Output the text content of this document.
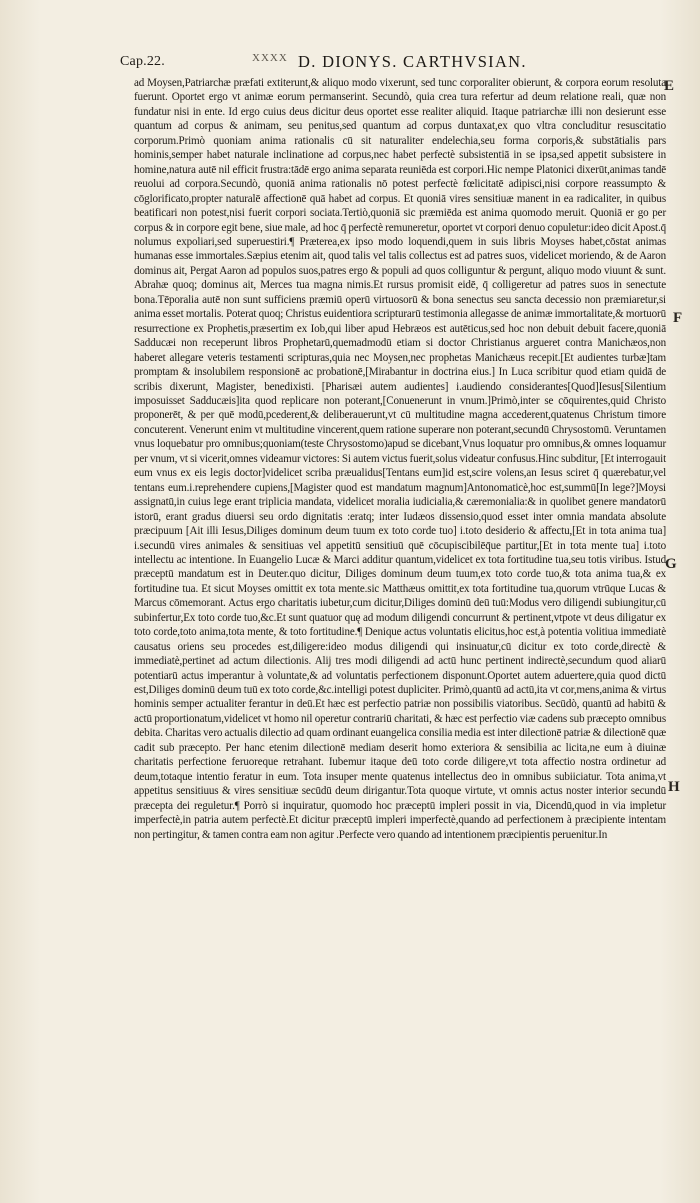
Cap.22.	XXXX D. DIONYS. CARTHVSIAN.
E
F
G
H

ad Moysen,Patriarchæ præfati extiterunt,& aliquo modo vixerunt, sed tunc corporaliter obierunt, & corpora eorum resoluta fuerunt. Oportet ergo vt animæ eorum permanserint. Secundò, quia crea tura refertur ad deum relatione reali, quæ non fundatur nisi in ente. Id ergo cuius deus dicitur deus oportet esse realiter aliquid. Itaque patriarchæ illi non desierunt esse quantum ad corpus & animam, seu penitus,sed quantum ad corpus duntaxat,ex quo vltra concluditur resuscitatio corporum.Primò quoniam anima rationalis cū sit naturaliter endelechia,seu forma corporis,& substātialis pars hominis,semper habet naturale inclinatione ad corpus,nec habet perfectè subsistentiā in se ipsa,sed appetit subsistere in homine,natura autē nil efficit frustra:tādē ergo anima separata reuniēda est corpori.Hic nempe Platonici dixerūt,animas tandē reuolui ad corpora.Secundò, quoniā anima rationalis nō potest perfectè fœlicitatē adipisci,nisi corpore reassumpto & cōglorificato,propter naturalē affectionē quā habet ad corpus. Et quoniā vires sensitiuæ manent in ea radicaliter, in quibus beatificari non potest,nisi fuerit corpori sociata.Tertiò,quoniā sic præmiēda est anima quomodo meruit. Quoniā er go per corpus & in corpore egit bene, siue male, ad hoc q̄ perfectè remuneretur, oportet vt corpori denuo copuletur:ideo dicit Apost.q̄ nolumus expoliari,sed superuestiri.¶ Præterea,ex ipso modo loquendi,quem in suis libris Moyses habet,cōstat animas humanas esse immortales.Sæpius etenim ait, quod talis vel talis collectus est ad patres suos, videlicet moriendo, & de Aaron dominus ait, Pergat Aaron ad populos suos,patres ergo & populi ad quos colliguntur & pergunt, aliquo modo viuunt & sunt. Abrahæ quoq; dominus ait, Merces tua magna nimis.Et rursus promisit eidē, q̄ colligeretur ad patres suos in senectute bona.Tēporalia autē non sunt sufficiens præmiū operū virtuosorū & bona senectus seu sancta decessio non præmiaretur,si anima esset mortalis. Poterat quoq; Christus euidentiora scripturarū testimonia allegasse de animæ immortalitate,& mortuorū resurrectione ex Prophetis,præsertim ex Iob,qui liber apud Hebræos est autēticus,sed hoc non debuit debuit facere,quoniā Sadducæi non receperunt libros Prophetarū,quemadmodū etiam si doctor Christianus argueret contra Manichæos,non haberet allegare veteris testamenti scripturas,quia nec Moysen,nec prophetas Manichæus recepit.[Et audientes turbæ]tam promptam & insolubilem responsionē ac probationē,[Mirabantur in doctrina eius.] In Luca scribitur quod etiam quidā de scribis dixerunt, Magister, benedixisti. [Pharisæi autem audientes] i.audiendo considerantes[Quod]Iesus[Silentium imposuisset Sadducæis]ita quod replicare non poterant,[Conuenerunt in vnum.]Primò,inter se cōquirentes,quid Christo proponerēt, & per quē modū,pcederent,& deliberauerunt,vt cū multitudine magna accederent,quatenus Christum timore concuterent. Venerunt enim vt multitudine vincerent,quem ratione superare non poterant,secundū Chrysostomū. Veruntamen vnus loquebatur pro omnibus;quoniam(teste Chrysostomo)apud se dicebant,Vnus loquatur pro omnibus,& omnes loquamur per vnum, vt si vicerit,omnes videamur victores: Si autem victus fuerit,solus videatur confusus.Hinc subditur, [Et interrogauit eum vnus ex eis legis doctor]videlicet scriba præualidus[Tentans eum]id est,scire volens,an Iesus sciret q̄ quærebatur,vel tentans eum.i.reprehendere cupiens,[Magister quod est mandatum magnum]Antonomaticè,hoc est,summū[In lege?]Moysi assignatū,in cuius lege erant triplicia mandata, videlicet moralia iudicialia,& cæremonialia:& in quolibet genere mandatorū istorū, erant gradus diuersi seu ordo dignitatis :eratq; inter Iudæos dissensio,quod esset inter omnia mandata absolute præcipuum [Ait illi Iesus,Diliges dominum deum tuum ex toto corde tuo] i.toto desiderio & affectu,[Et in tota anima tua] i.secundū vires animales & sensitiuas vel appetitū sensitiuū quē cōcupiscibilēq̄ue partitur,[Et in tota mente tua] i.toto intellectu ac intentione. In Euangelio Lucæ & Marci additur quantum,videlicet ex tota fortitudine tua,seu totis viribus. Istud præceptū mandatum est in Deuter.quo dicitur, Diliges dominum deum tuum,ex toto corde tuo,& tota anima tua,& ex fortitudine tua. Et sicut Moyses omittit ex tota mente.sic Matthæus omittit,ex tota fortitudine tua,quorum vtrūque Lucas & Marcus cōmemorant. Actus ergo charitatis iubetur,cum dicitur,Diliges dominū deū tuū:Modus vero diligendi subiungitur,cū subinfertur,Ex toto corde tuo,&c.Et sunt quatuor quę ad modum diligendi concurrunt & pertinent,vtpote vt deus diligatur ex toto corde,toto anima,tota mente, & toto fortitudine.¶ Denique actus voluntatis elicitus,hoc est,à potentia volitiua immediatè causatus oriens seu procedes est,diligere:ideo modus diligendi qui insinuatur,cū dicitur ex toto corde,directè & immediatè,pertinet ad actum dilectionis. Alij tres modi diligendi ad actū hunc pertinent indirectè,secundum quod aliarū potentiarū actus imperantur à voluntate,& ad voluntatis perfectionem disponunt.Oportet autem aduertere,quia quod dictū est,Diliges dominū deum tuū ex toto corde,&c.intelligi potest dupliciter. Primò,quantū ad actū,ita vt cor,mens,anima & virtus hominis semper actualiter ferantur in deū.Et hæc est perfectio patriæ non possibilis viatoribus. Secūdò, quantū ad habitū & actū proportionatum,videlicet vt homo nil operetur contrariū charitati, & hæc est perfectio viæ cadens sub præcepto omnibus debita. Charitas vero actualis dilectio ad quam ordinant euangelica consilia media est inter dilectionē patriæ & dilectionē quæ cadit sub præcepto. Per hanc etenim dilectionē mediam deserit homo exteriora & sensibilia ac licita,ne eum à diuinæ charitatis perfectione feruoreque retrahant. Iubemur itaque deū toto corde diligere,vt tota affectio nostra ordinetur ad deum,totaque intentio feratur in eum. Tota insuper mente quatenus intellectus deo in omnibus subiiciatur. Tota anima,vt appetitus sensitiuus & vires sensitiuæ secūdū deum dirigantur.Tota quoque virtute, vt omnis actus noster interior secundū præcepta dei reguletur.¶ Porrò si inquiratur, quomodo hoc præceptū impleri possit in via, Dicendū,quod in via impletur imperfectè,in patria autem perfectè.Et dicitur præceptū impleri imperfectè,quando ad perfectionem à præcipiente intentam non pertingitur, & tamen contra eam non agitur .Perfecte vero quando ad intentionem præcipientis peruenitur.In
